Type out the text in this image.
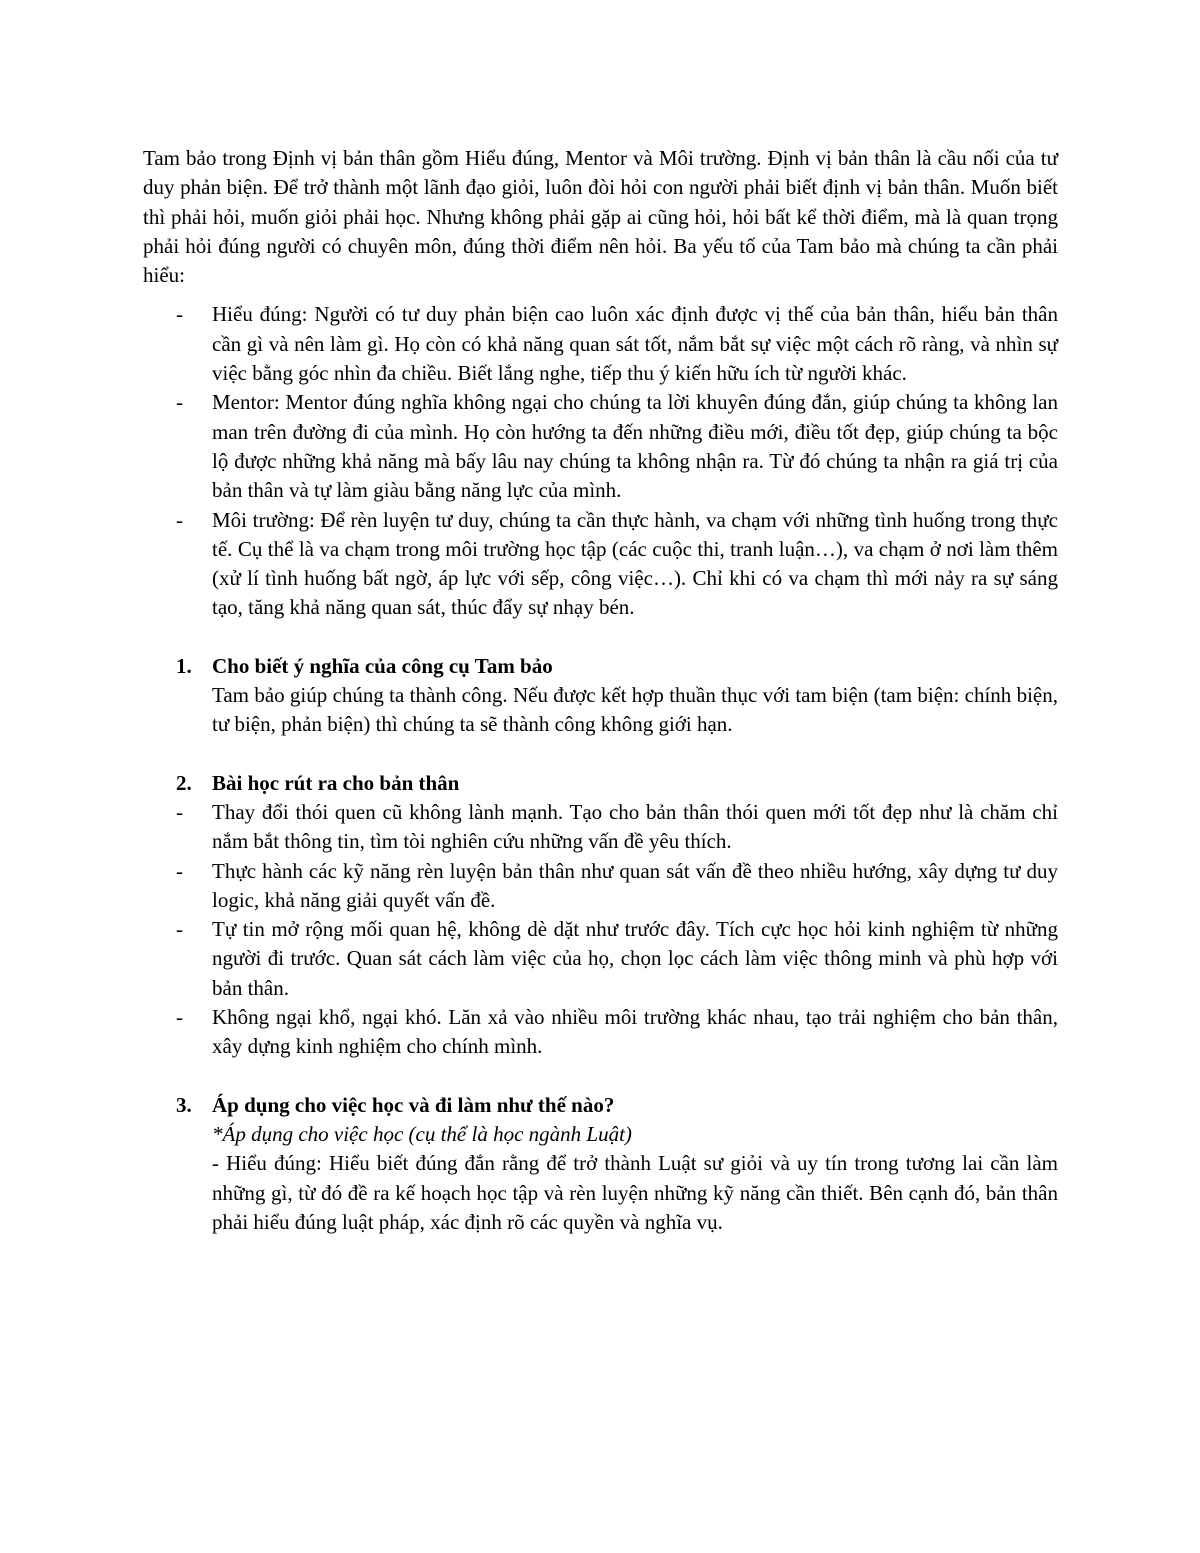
Tam bảo trong Định vị bản thân gồm Hiểu đúng, Mentor và Môi trường. Định vị bản thân là cầu nối của tư duy phản biện. Để trở thành một lãnh đạo giỏi, luôn đòi hỏi con người phải biết định vị bản thân. Muốn biết thì phải hỏi, muốn giỏi phải học. Nhưng không phải gặp ai cũng hỏi, hỏi bất kể thời điểm, mà là quan trọng phải hỏi đúng người có chuyên môn, đúng thời điểm nên hỏi. Ba yếu tố của Tam bảo mà chúng ta cần phải hiểu:

- Hiểu đúng: Người có tư duy phản biện cao luôn xác định được vị thế của bản thân, hiểu bản thân cần gì và nên làm gì. Họ còn có khả năng quan sát tốt, nắm bắt sự việc một cách rõ ràng, và nhìn sự việc bằng góc nhìn đa chiều. Biết lắng nghe, tiếp thu ý kiến hữu ích từ người khác.
- Mentor: Mentor đúng nghĩa không ngại cho chúng ta lời khuyên đúng đắn, giúp chúng ta không lan man trên đường đi của mình. Họ còn hướng ta đến những điều mới, điều tốt đẹp, giúp chúng ta bộc lộ được những khả năng mà bấy lâu nay chúng ta không nhận ra. Từ đó chúng ta nhận ra giá trị của bản thân và tự làm giàu bằng năng lực của mình.
- Môi trường: Để rèn luyện tư duy, chúng ta cần thực hành, va chạm với những tình huống trong thực tế. Cụ thể là va chạm trong môi trường học tập (các cuộc thi, tranh luận…), va chạm ở nơi làm thêm (xử lí tình huống bất ngờ, áp lực với sếp, công việc…). Chỉ khi có va chạm thì mới nảy ra sự sáng tạo, tăng khả năng quan sát, thúc đẩy sự nhạy bén.
1. Cho biết ý nghĩa của công cụ Tam bảo

Tam bảo giúp chúng ta thành công. Nếu được kết hợp thuần thục với tam biện (tam biện: chính biện, tư biện, phản biện) thì chúng ta sẽ thành công không giới hạn.

2. Bài học rút ra cho bản thân
- Thay đổi thói quen cũ không lành mạnh. Tạo cho bản thân thói quen mới tốt đẹp như là chăm chỉ nắm bắt thông tin, tìm tòi nghiên cứu những vấn đề yêu thích.
- Thực hành các kỹ năng rèn luyện bản thân như quan sát vấn đề theo nhiều hướng, xây dựng tư duy logic, khả năng giải quyết vấn đề.
- Tự tin mở rộng mối quan hệ, không dè dặt như trước đây. Tích cực học hỏi kinh nghiệm từ những người đi trước. Quan sát cách làm việc của họ, chọn lọc cách làm việc thông minh và phù hợp với bản thân.
- Không ngại khổ, ngại khó. Lăn xả vào nhiều môi trường khác nhau, tạo trải nghiệm cho bản thân, xây dựng kinh nghiệm cho chính mình.
3. Áp dụng cho việc học và đi làm như thế nào?

*Áp dụng cho việc học (cụ thể là học ngành Luật)

- Hiểu đúng: Hiểu biết đúng đắn rằng để trở thành Luật sư giỏi và uy tín trong tương lai cần làm những gì, từ đó đề ra kế hoạch học tập và rèn luyện những kỹ năng cần thiết. Bên cạnh đó, bản thân phải hiểu đúng luật pháp, xác định rõ các quyền và nghĩa vụ.
